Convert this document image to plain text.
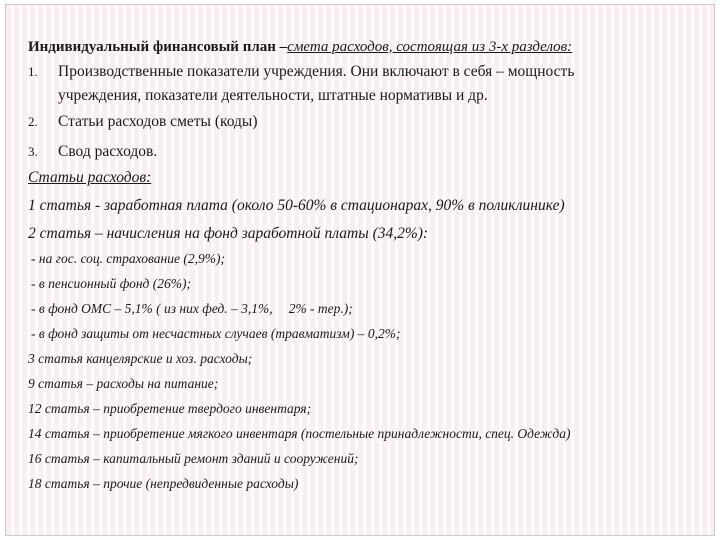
Индивидуальный финансовый план –смета расходов, состоящая из 3-х разделов:
1.	Производственные показатели учреждения. Они включают в себя – мощность
учреждения, показатели деятельности, штатные нормативы и др.
2.	Статьи расходов сметы (коды)
3.	Свод расходов.
Статьи расходов:
1 статья - заработная плата (около 50-60% в стационарах, 90% в поликлинике)
2 статья – начисления на фонд заработной платы (34,2%):
- на гос. соц. страхование (2,9%);
- в пенсионный фонд (26%);
- в фонд ОМС – 5,1% ( из них фед. – 3,1%, 2% - тер.);
- в фонд защиты от несчастных случаев (травматизм) – 0,2%;
3 статья канцелярские и хоз. расходы;
9 статья – расходы на питание;
12 статья – приобретение твердого инвентаря;
14 статья – приобретение мягкого инвентаря (постельные принадлежности, спец. Одежда)
16 статья – капитальный ремонт зданий и сооружений;
18 статья – прочие (непредвиденные расходы)
